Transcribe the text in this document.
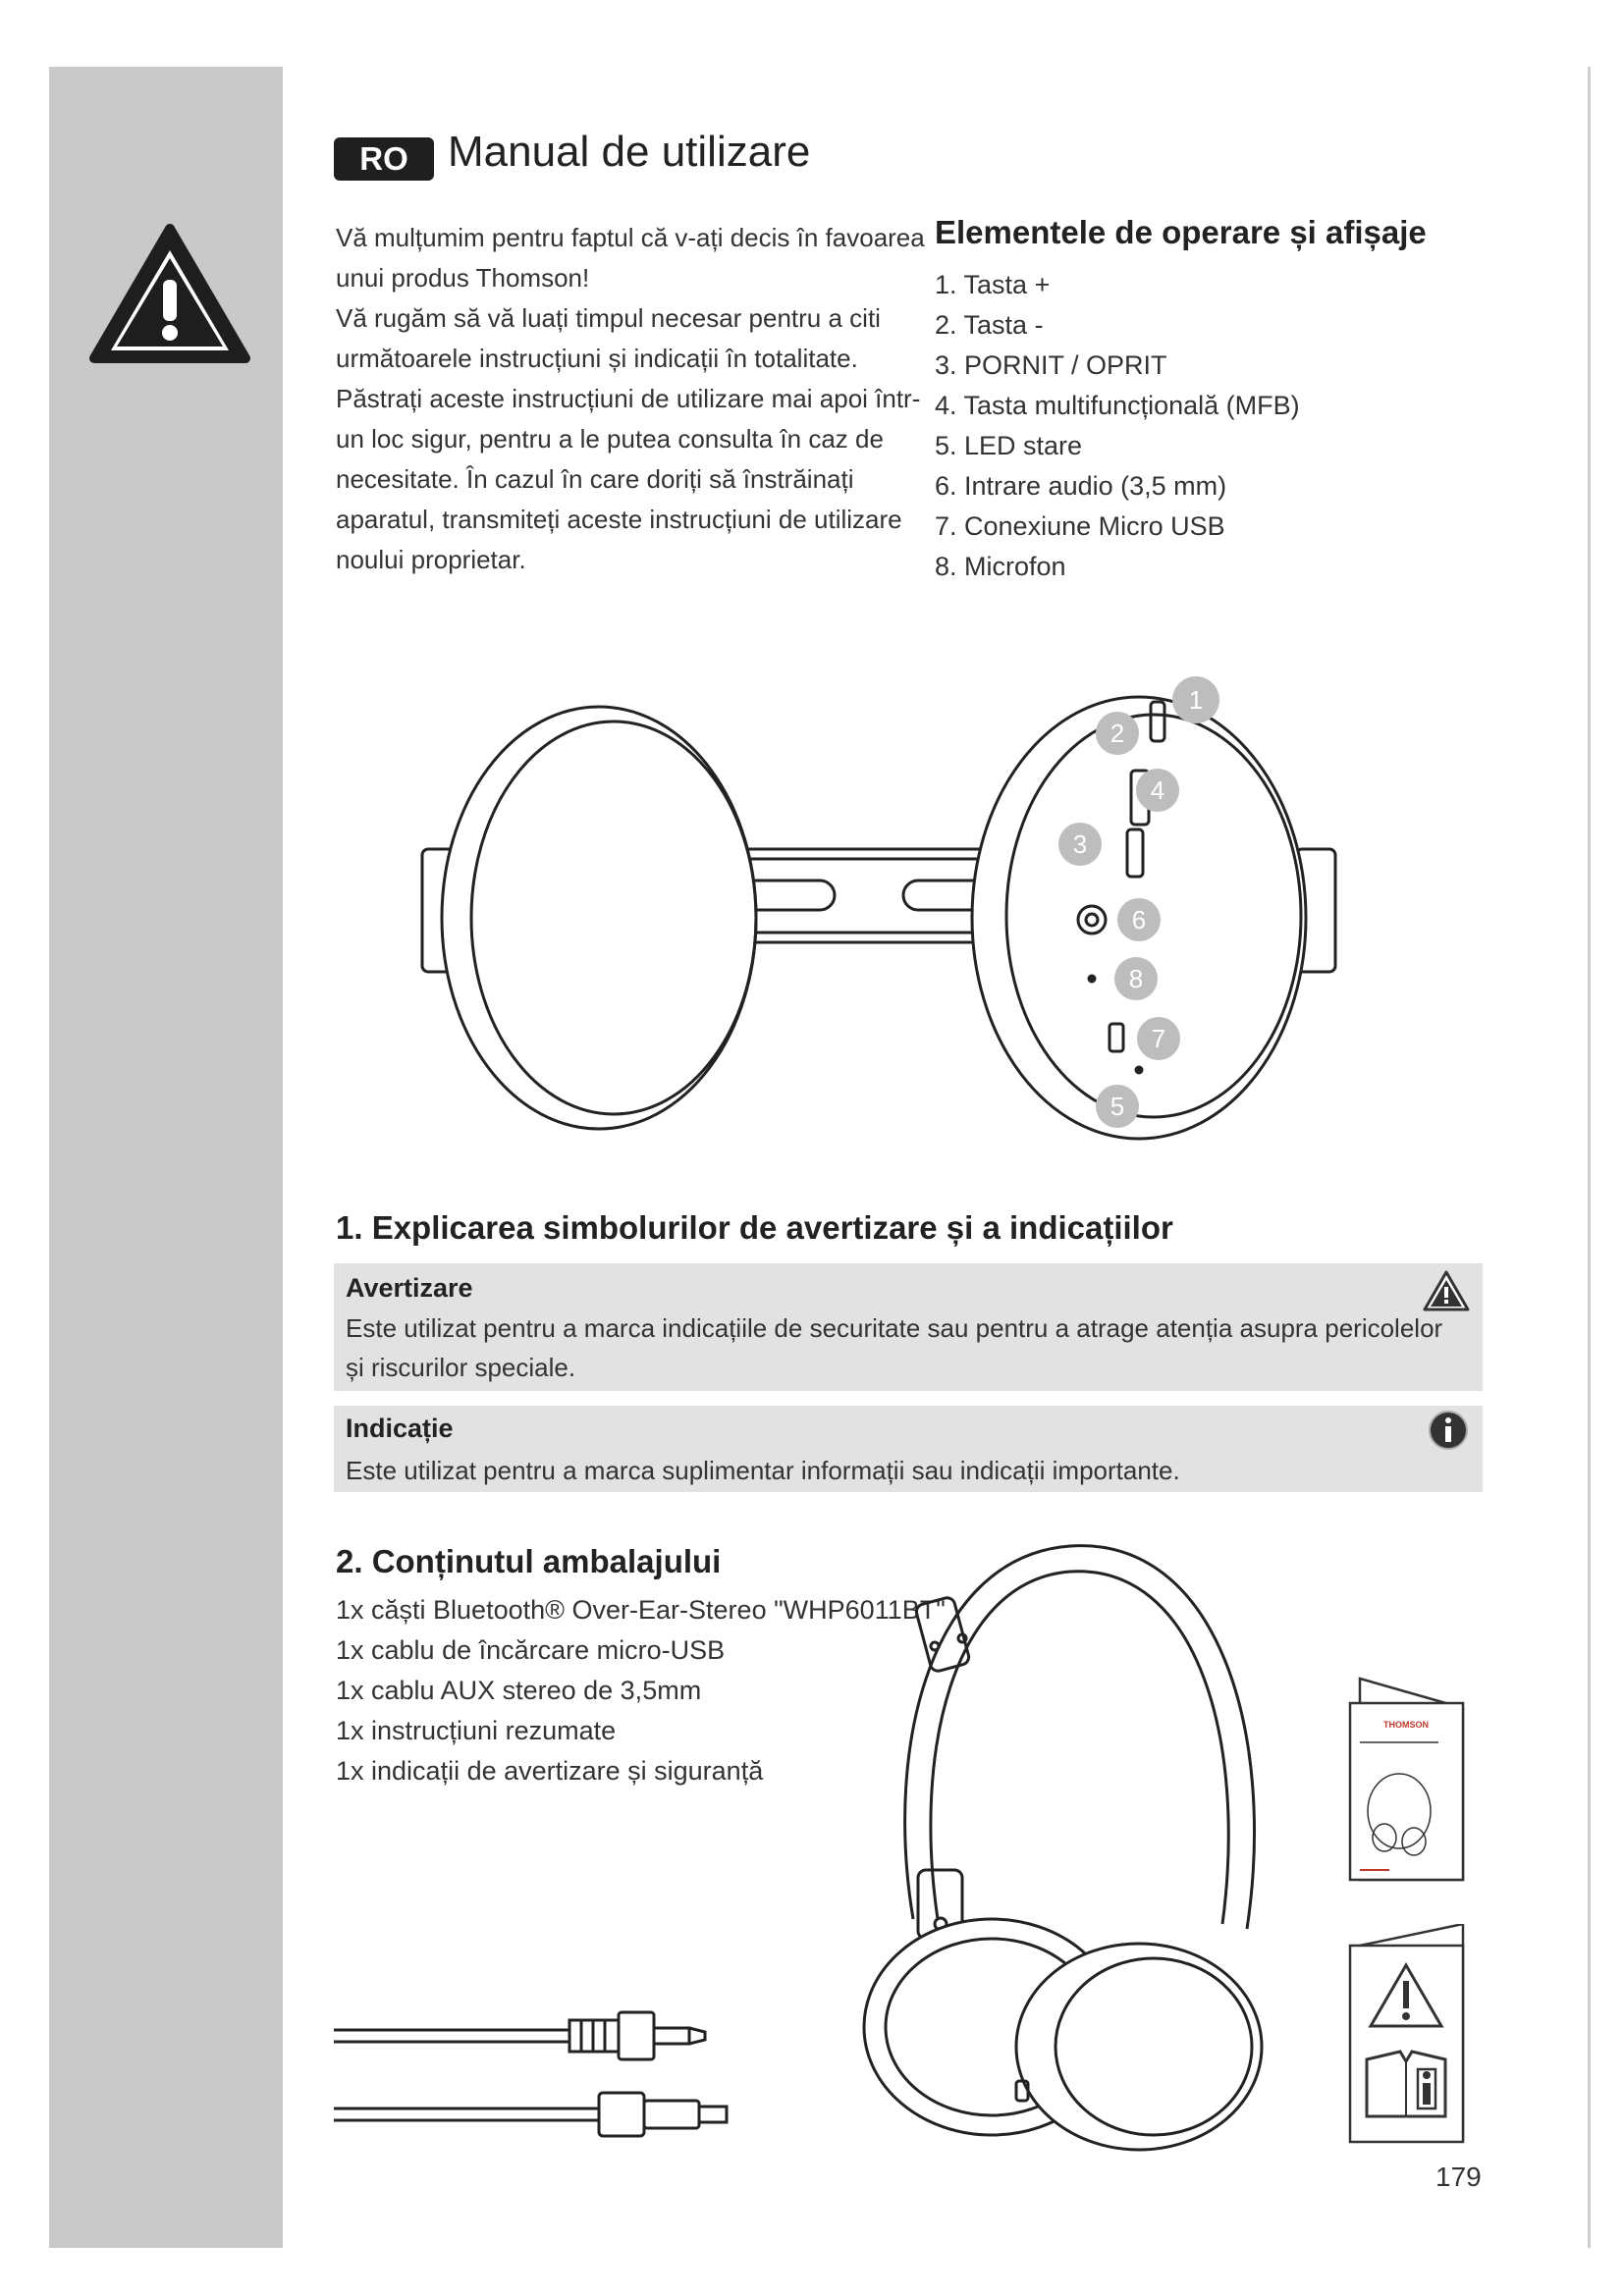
RO Manual de utilizare

Vă mulțumim pentru faptul că v-ați decis în favoarea unui produs Thomson!

Vă rugăm să vă luați timpul necesar pentru a citi următoarele instrucțiuni și indicații în totalitate. Păstrați aceste instrucțiuni de utilizare mai apoi într-un loc sigur, pentru a le putea consulta în caz de necesitate. În cazul în care doriți să înstrăinați aparatul, transmiteți aceste instrucțiuni de utilizare noului proprietar.

Elementele de operare și afișaje
1. Tasta +
2. Tasta -
3. PORNIT / OPRIT
4. Tasta multifuncțională (MFB)
5. LED stare
6. Intrare audio (3,5 mm)
7. Conexiune Micro USB
8. Microfon
1
2
4
3
6
8
7
5
1. Explicarea simbolurilor de avertizare și a indicațiilor
Avertizare
Este utilizat pentru a marca indicațiile de securitate sau pentru a atrage atenția asupra pericolelor și riscurilor speciale.
Indicație
Este utilizat pentru a marca suplimentar informații sau indicații importante.
2. Conținutul ambalajului
1x căști Bluetooth® Over-Ear-Stereo "WHP6011BT"
1x cablu de încărcare micro-USB
1x cablu AUX stereo de 3,5mm
1x instrucțiuni rezumate
1x indicații de avertizare și siguranță
THOMSON
179
